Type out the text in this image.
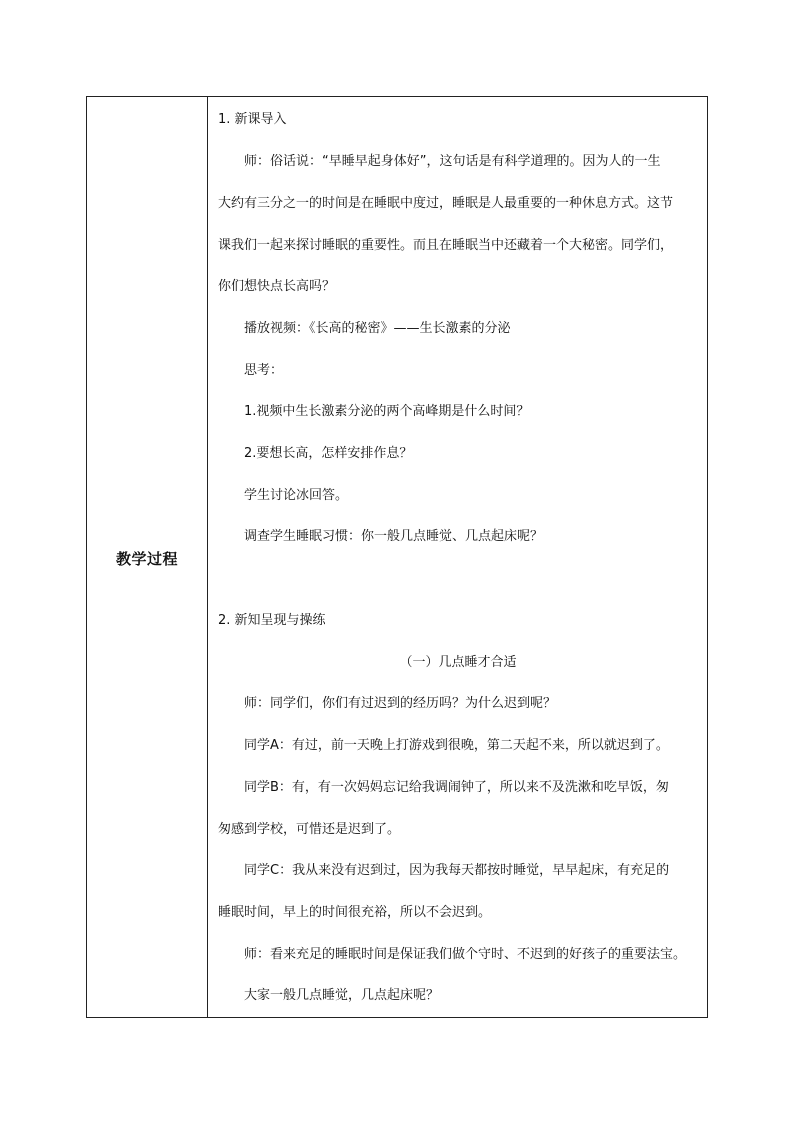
教学过程
1. 新课导入
师：俗话说：“早睡早起身体好”，这句话是有科学道理的。因为人的一生
大约有三分之一的时间是在睡眠中度过，睡眠是人最重要的一种休息方式。这节
课我们一起来探讨睡眠的重要性。而且在睡眠当中还藏着一个大秘密。同学们，
你们想快点长高吗？
播放视频：《长高的秘密》——生长激素的分泌
思考：
1.视频中生长激素分泌的两个高峰期是什么时间？
2.要想长高，怎样安排作息？
学生讨论冰回答。
调查学生睡眠习惯：你一般几点睡觉、几点起床呢？
2. 新知呈现与操练
（一）几点睡才合适
师：同学们，你们有过迟到的经历吗？为什么迟到呢？
同学A：有过，前一天晚上打游戏到很晚，第二天起不来，所以就迟到了。
同学B：有，有一次妈妈忘记给我调闹钟了，所以来不及洗漱和吃早饭，匆
匆感到学校，可惜还是迟到了。
同学C：我从来没有迟到过，因为我每天都按时睡觉，早早起床，有充足的
睡眠时间，早上的时间很充裕，所以不会迟到。
师：看来充足的睡眠时间是保证我们做个守时、不迟到的好孩子的重要法宝。
大家一般几点睡觉，几点起床呢？
